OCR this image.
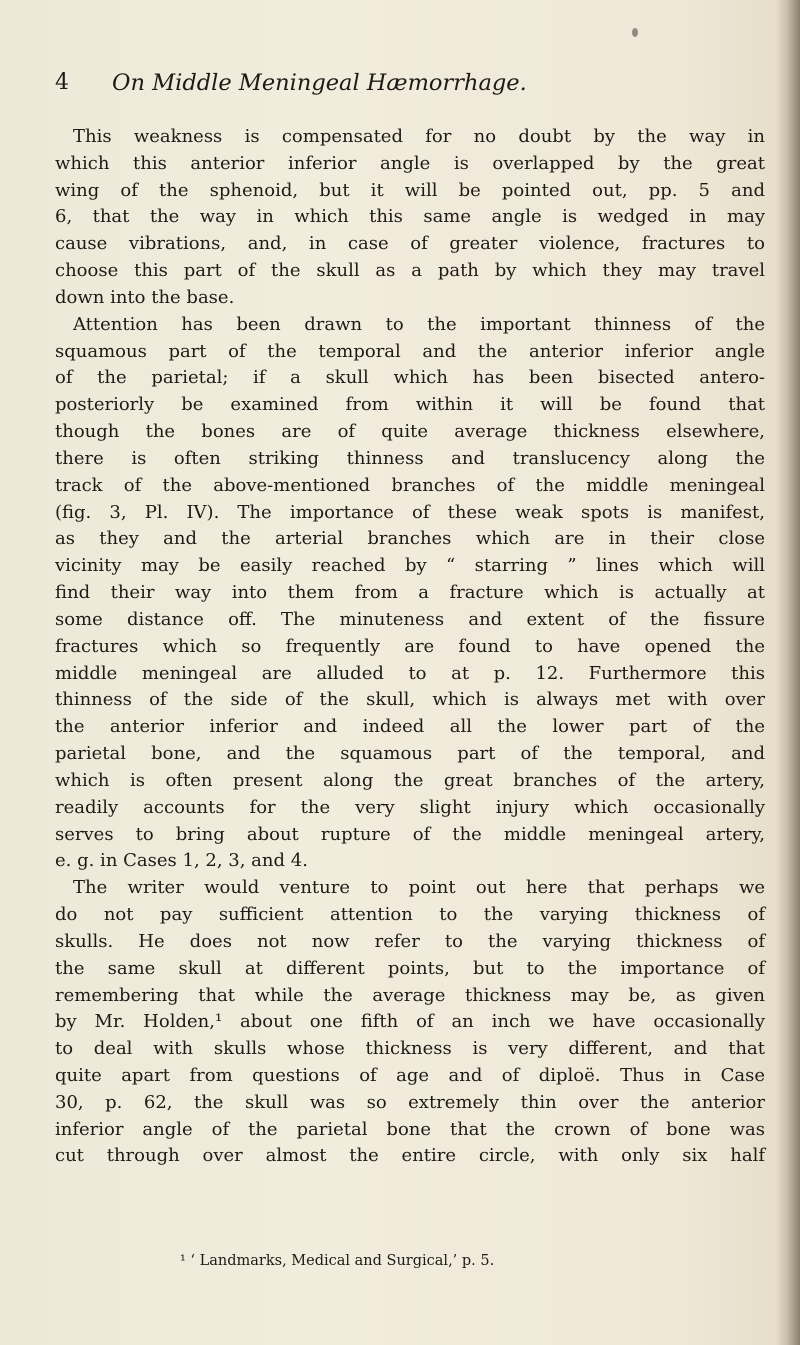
4 On Middle Meningeal Hæmorrhage.
This weakness is compensated for no doubt by the way in
which this anterior inferior angle is overlapped by the great
wing of the sphenoid, but it will be pointed out, pp. 5 and
6, that the way in which this same angle is wedged in may
cause vibrations, and, in case of greater violence, fractures to
choose this part of the skull as a path by which they may travel
down into the base.
Attention has been drawn to the important thinness of the
squamous part of the temporal and the anterior inferior angle
of the parietal; if a skull which has been bisected antero-
posteriorly be examined from within it will be found that
though the bones are of quite average thickness elsewhere,
there is often striking thinness and translucency along the
track of the above-mentioned branches of the middle meningeal
(fig. 3, Pl. IV). The importance of these weak spots is manifest,
as they and the arterial branches which are in their close
vicinity may be easily reached by “ starring ” lines which will
find their way into them from a fracture which is actually at
some distance off. The minuteness and extent of the fissure
fractures which so frequently are found to have opened the
middle meningeal are alluded to at p. 12. Furthermore this
thinness of the side of the skull, which is always met with over
the anterior inferior and indeed all the lower part of the
parietal bone, and the squamous part of the temporal, and
which is often present along the great branches of the artery,
readily accounts for the very slight injury which occasionally
serves to bring about rupture of the middle meningeal artery,
e. g. in Cases 1, 2, 3, and 4.
The writer would venture to point out here that perhaps we
do not pay sufficient attention to the varying thickness of
skulls. He does not now refer to the varying thickness of
the same skull at different points, but to the importance of
remembering that while the average thickness may be, as given
by Mr. Holden,¹ about one fifth of an inch we have occasionally
to deal with skulls whose thickness is very different, and that
quite apart from questions of age and of diploë. Thus in Case
30, p. 62, the skull was so extremely thin over the anterior
inferior angle of the parietal bone that the crown of bone was
cut through over almost the entire circle, with only six half
¹ ‘ Landmarks, Medical and Surgical,’ p. 5.
